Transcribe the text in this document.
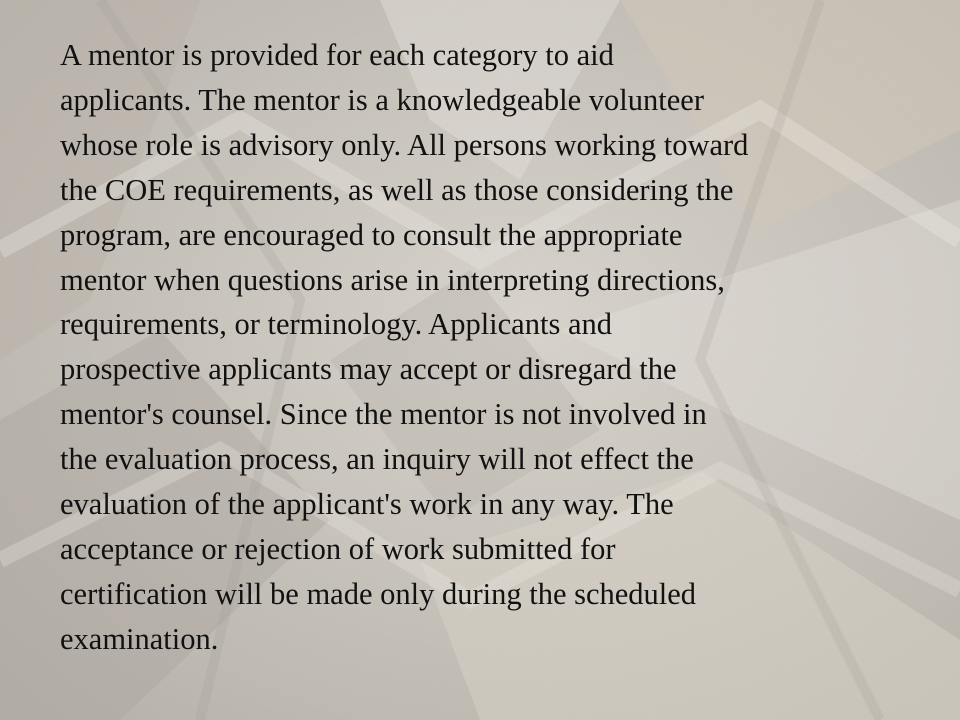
A mentor is provided for each category to aid
applicants. The mentor is a knowledgeable volunteer
whose role is advisory only. All persons working toward
the COE requirements, as well as those considering the
program, are encouraged to consult the appropriate
mentor when questions arise in interpreting directions,
requirements, or terminology. Applicants and
prospective applicants may accept or disregard the
mentor's counsel. Since the mentor is not involved in
the evaluation process, an inquiry will not effect the
evaluation of the applicant's work in any way. The
acceptance or rejection of work submitted for
certification will be made only during the scheduled
examination.
